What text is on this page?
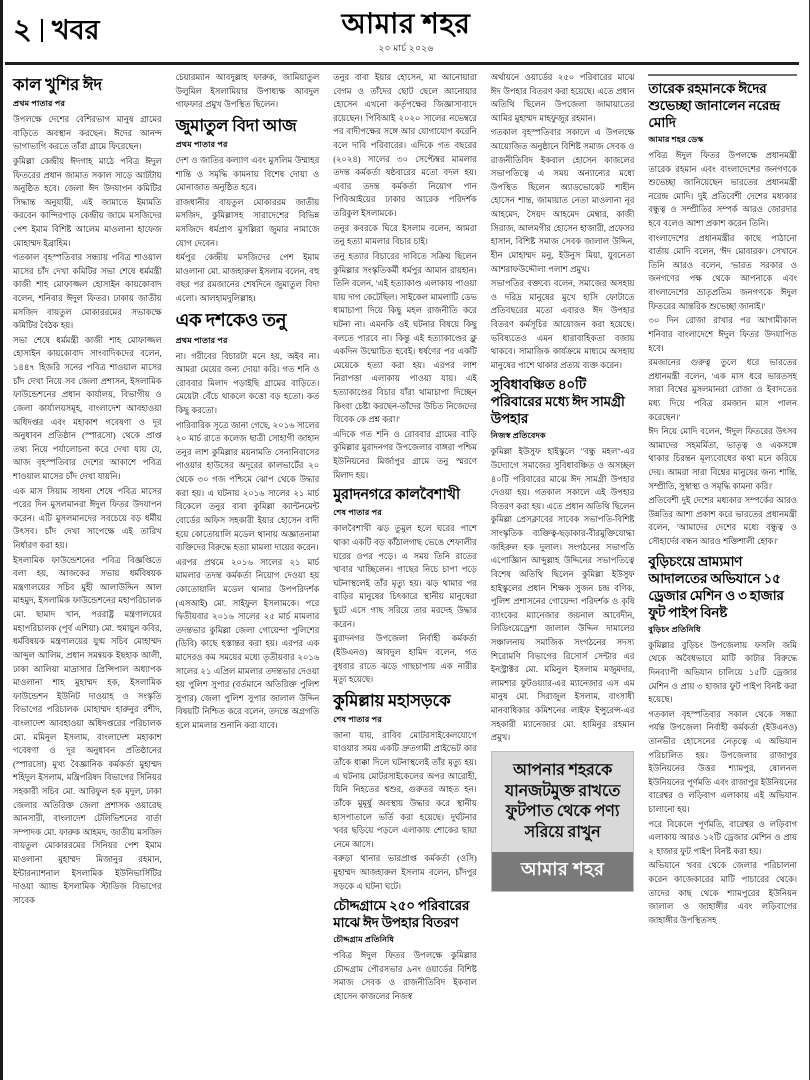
২ খবর	আমার শহর
২০ মার্চ ২০২৬
কাল খুশির ঈদ
প্রথম পাতার পর

উপলক্ষে দেশের বেশিরভাগ মানুষ গ্রামের বাড়িতে অবস্থান করছেন। ঈদের আনন্দ ভাগাভাগি করতে তাঁরা গ্রামে ফিরেছেন।

কুমিল্লা কেন্দ্রীয় ঈদগাহ মাঠে পবিত্র ঈদুল ফিতরের প্রধান জামাত সকাল সাড়ে আটটায় অনুষ্ঠিত হবে। জেলা ঈদ উদযাপন কমিটির সিদ্ধান্ত অনুযায়ী, এই জামাতে ইমামতি করবেন কান্দিরপাড় কেন্দ্রীয় জামে মসজিদের পেশ ইমাম বিশিষ্ট আলেম মাওলানা হাফেজ মোহাম্মদ ইব্রাহিম।

গতকাল বৃহস্পতিবার সন্ধ্যায় পবিত্র শাওয়াল মাসের চাঁদ দেখা কমিটির সভা শেষে ধর্মমন্ত্রী কাজী শাহ মোফাজ্জল হোসাইন কায়কোবাদ বলেন, শনিবার ঈদুল ফিতর। ঢাকায় জাতীয় মসজিদ বায়তুল মোকাররমের সভাকক্ষে কমিটির বৈঠক হয়।

সভা শেষে ধর্মমন্ত্রী কাজী শাহ মোফাজ্জল হোসাইন কায়কোবাদ সাংবাদিকদের বলেন, ১৪৪৭ হিজরি সনের পবিত্র শাওয়াল মাসের চাঁদ দেখা নিয়ে সব জেলা প্রশাসন, ইসলামিক ফাউন্ডেশনের প্রধান কার্যালয়, বিভাগীয় ও জেলা কার্যালয়সমূহ, বাংলাদেশ আবহাওয়া অধিদপ্তর এবং মহাকাশ গবেষণা ও দূর অনুধাবন প্রতিষ্ঠান (স্পারসো) থেকে প্রাপ্ত তথ্য নিয়ে পর্যালোচনা করে দেখা যায় যে, আজ বৃহস্পতিবার দেশের আকাশে পবিত্র শাওয়াল মাসের চাঁদ দেখা যায়নি।

এক মাস সিয়াম সাধনা শেষে পবিত্র মাসের পরের দিন মুসলমানরা ঈদুল ফিতর উদযাপন করেন। এটি মুসলমানদের সবচেয়ে বড় ধর্মীয় উৎসব। চাঁদ দেখা সাপেক্ষে এই তারিখ নির্ধারণ করা হয়।

ইসলামিক ফাউন্ডেশনের পবিত্র বিজ্ঞপ্তিতে বলা হয়, আজকের সভায় ধর্মবিষয়ক মন্ত্রণালয়ের সচিব মুহী আলাউদ্দিন আল মাহমুদ, ইসলামিক ফাউন্ডেশনের মহাপরিচালক মো. ছামাদ খান, পররাষ্ট্র মন্ত্রণালয়ের মহাপরিচালক (পূর্ব এশিয়া) মো. হুমায়ুন কবির, ধর্মবিষয়ক মন্ত্রণালয়ের যুগ্ম সচিব মোহাম্মদ আব্দুল আলিম, প্রধান সমন্বয়ক ইছহাক আলী, ঢাকা আলিয়া মাদ্রাসার প্রিন্সিপাল অধ্যাপক মাওলানা শাহ মুহাম্মদ হক, ইসলামিক ফাউন্ডেশন ইউনিট দাওয়াহ ও সংস্কৃতি বিভাগের পরিচালক মোহাম্মদ হারুনুর রশীদ, বাংলাদেশ আবহাওয়া অধিদপ্তরের পরিচালক মো. মমিনুল ইসলাম, বাংলাদেশ মহাকাশ গবেষণা ও দূর অনুধাবন প্রতিষ্ঠানের (স্পারসো) মুখ্য বৈজ্ঞানিক কর্মকর্তা মুহাম্মদ শহিদুল ইসলাম, মন্ত্রিপরিষদ বিভাগের সিনিয়র সহকারী সচিব মো. আরিফুল হক মৃদুল, ঢাকা জেলার অতিরিক্ত জেলা প্রশাসক ওয়ারেছ আনসারী, বাংলাদেশ টেলিভিশনের বার্তা সম্পাদক মো. ফারুক আহমদ, জাতীয় মসজিদ বায়তুল মোকাররমের সিনিয়র পেশ ইমাম মাওলানা মুহাম্মদ মিজানুর রহমান, ইন্টারন্যাশনাল ইসলামিক ইউনিভার্সিটির দাওয়া অ্যান্ড ইসলামিক স্টাডিজ বিভাগের সাবেক

চেয়ারম্যান আবদুল্লাহ ফারুক, জামিয়াতুল উলুমিল ইসলামিয়ার উপাধ্যক্ষ আবদুল গাফফার প্রমুখ উপস্থিত ছিলেন।

জুমাতুল বিদা আজ
প্রথম পাতার পর

দেশ ও জাতির কল্যাণ এবং মুসলিম উম্মাহর শান্তি ও সমৃদ্ধি কামনায় বিশেষ দোয়া ও মোনাজাত অনুষ্ঠিত হবে।

রাজধানীর বায়তুল মোকাররম জাতীয় মসজিদ, কুমিল্লাসহ সারাদেশের বিভিন্ন মসজিদে ধর্মপ্রাণ মুসল্লিরা জুমার নামাজে যোগ দেবেন।

ধর্মপুর কেন্দ্রীয় মসজিদের পেশ ইমাম মাওলানা মো. মাজহারুল ইসলাম বলেন, বহু বছর পর রমজানের শেষদিনে জুমাতুল বিদা এলো। আলহামদুলিল্লাহ।

এক দশকেও তনু
প্রথম পাতার পর

না। গরীবের বিচারটা মনে হয়, অইব না। আমরা মেয়ের জন্য দোয়া করি। গত শনি ও রোববার মিলাদ পড়াইছি গ্রামের বাড়িতে। মেয়েটা বেঁচে থাকলে কত্তো বড় হতো। কত কিছু করতো।

পারিবারিক সূত্রে জানা গেছে, ২০১৬ সালের ২০ মার্চ রাতে কলেজ ছাত্রী সোহাগী জাহান তনুর লাশ কুমিল্লার ময়নামতি সেনানিবাসের পাওয়ার হাউসের অদূরের কালভার্টের ২০ থেকে ৩০ গজ পশ্চিমে ঝোপ থেকে উদ্ধার করা হয়। এ ঘটনায় ২০১৬ সালের ২১ মার্চ বিকেলে তনুর বাবা কুমিল্লা ক্যান্টনমেন্ট বোর্ডের অফিস সহকারী ইয়ার হোসেন বাদী হয়ে কোতোয়ালি মডেল থানায় অজ্ঞাতনামা ব্যক্তিদের বিরুদ্ধে হত্যা মামলা দায়ের করেন।

এরপর প্রথমে ২০১৬ সালের ২১ মার্চ মামলার তদন্ত কর্মকর্তা নিয়োগ দেওয়া হয় কোতোয়ালি মডেল থানার উপপরিদর্শক (এসআই) মো. সাইফুল ইসলামকে। পরে দ্বিতীয়বার ২০১৬ সালের ২৫ মার্চ মামলার তদন্তভার কুমিল্লা জেলা গোয়েন্দা পুলিশের (ডিবি) কাছে হস্তান্তর করা হয়। এরপর এক মাসেরও কম সময়ের মধ্যে তৃতীয়বার ২০১৬ সালের ২১ এপ্রিল মামলার তদন্তভার দেওয়া হয় পুলিশ সুপার (বর্তমানে অতিরিক্ত পুলিশ সুপার) জেলা পুলিশ সুপার জালাল উদ্দিন বিষয়টি নিশ্চিত করে বলেন, তদন্তে অগ্রগতি হলে মামলার শুনানি করা যাবে।

তনুর বাবা ইয়ার হোসেন, মা আনোয়ারা বেগম ও তাঁদের ছোট ছেলে আনোয়ার হোসেন এখনো কর্তৃপক্ষের জিজ্ঞাসাবাদে রয়েছেন। পিবিআই ২০২০ সালের নভেম্বরে পর বাদীপক্ষের সঙ্গে আর যোগাযোগ করেনি বলে দাবি পরিবারের। এদিকে গত বছরের (২০২৪) সালের ৩০ সেপ্টেম্বর মামলার তদন্ত কর্মকর্তা ষষ্ঠবারের মতো বদল হয়। এবার তদন্ত কর্মকর্তা নিয়োগ পান পিবিআইয়ের ঢাকার আরেক পরিদর্শক তরিকুল ইসলামকে।

তনুর কবরকে ঘিরে ইসলাম বলেন, আমরা তনু হত্যা মামলার বিচার চাই।

তনু হত্যার বিচারের দাবিতে সক্রিয় ছিলেন কুমিল্লার সংস্কৃতিকর্মী ধর্মপুর আমান রায়হান। তিনি বলেন, 'এই হত্যাকাণ্ড এলাকায় পাওয়া যায় দাগ কেটেছিল। সাইকেল মামলাটি ডেভ ধামাচাপা দিয়ে কিছু মহল রাজনীতি করে ঘটনা না। এমনকি ওই ঘটনার বিষয়ে কিছু বলতে পারবে না। কিন্তু এই হত্যাকাণ্ডের ক্লু একদিন উন্মোচিত হবেই। ধর্ষণের পর একটি মেয়েকে হত্যা করা হয়। এরপর লাশ নিরাপত্তা এলাকায় পাওয়া যায়। এই হত্যাকাণ্ডের বিচার যাঁরা থামাচাপা দিচ্ছেন কিংবা চেষ্টা করছেন-তাঁদের উচিত নিজেদের বিবেক কে প্রশ্ন করা।'

এদিকে গত শনি ও রোববার গ্রামের বাড়ি কুমিল্লার মুরাদনগর উপজেলার বাঙ্গরা পশ্চিম ইউনিয়নের মির্জাপুর গ্রামে তনু স্মরণে মিলাদ হয়।

মুরাদনগরে কালবৈশাখী
শেষ পাতার পর

কালবৈশাখী ঝড় তুমুল হলে ঘরের পাশে থাকা একটি বড় কাঁঠালগাছ ভেঙে শেফালীর ঘরের ওপর পড়ে। এ সময় তিনি রাতের খাবার খাচ্ছিলেন। গাছের নিচে চাপা পড়ে ঘটনাস্থলেই তাঁর মৃত্যু হয়। ঝড় থামার পর বাড়ির মানুষের চিৎকারে স্থানীয় মানুষেরা ছুটে এসে গাছ সরিয়ে তার মরদেহ উদ্ধার করেন।

মুরাদনগর উপজেলা নির্বাহী কর্মকর্তা (ইউএনও) আবদুল হামিদ বলেন, গত বুধবার রাতে ঝড়ে গাছচাপায় এক নারীর মৃত্যু হয়েছে।

কুমিল্লায় মহাসড়কে
শেষ পাতার পর

জানা যায়, রাবিব মোটরসাইকেলযোগে যাওয়ার সময় একটি দ্রুতগামী প্রাইভেট কার তাঁকে ধাক্কা দিলে ঘটনাস্থলেই তাঁর মৃত্যু হয়। এ ঘটনায় মোটরসাইকেলের অপর আরোহী, যিনি নিহতের শ্বশুর, গুরুতর আহত হন। তাঁকে মুমূর্ষু অবস্থায় উদ্ধার করে স্থানীয় হাসপাতালে ভর্তি করা হয়েছে। দুর্ঘটনার খবর ছড়িয়ে পড়লে এলাকায় শোকের ছায়া নেমে আসে।

বরুড়া থানার ভারপ্রাপ্ত কর্মকর্তা (ওসি) মুহাম্মদ আজহারুল ইসলাম বলেন, চাঁদপুর সড়কে এ ঘটনা ঘটে।

চৌদ্দগ্রামে ২৫০ পরিবারের মাঝে ঈদ উপহার বিতরণ
চৌদ্দগ্রাম প্রতিনিধি

পবিত্র ঈদুল ফিতর উপলক্ষে কুমিল্লার চৌদ্দগ্রাম পৌরসভার ৯নং ওয়ার্ডের বিশিষ্ট সমাজ সেবক ও রাজনীতিবিদ ইকবাল হোসেন কাজলের নিজস্ব

অর্থায়নে ওয়ার্ডের ২৫০ পরিবারের মাঝে ঈদ উপহার বিতরণ করা হয়েছে। এতে প্রধান অতিথি ছিলেন উপজেলা জামায়াতের আমির মুহাম্মদ মাহফুজুর রহমান।

গতকাল বৃহস্পতিবার সকালে এ উপলক্ষে আয়োজিত অনুষ্ঠানে বিশিষ্ট সমাজ সেবক ও রাজনীতিবিদ ইকবাল হোসেন কাজলের সভাপতিত্বে এ সময় অন্যান্যের মধ্যে উপস্থিত ছিলেন অ্যাডভোকেট শাহীন হোসেন শান্ত, জামায়াত নেতা মাওলানা নূর আহমেদ, সৈয়দ আহমেদ মেম্বার, কাজী সিরাজ, আলমগীর হোসেন হাজারী, প্রফেসর হাসান, বিশিষ্ট সমাজ সেবক জালাল উদ্দিন, হীন মোহাম্মদ মনু, ইউনুস মিয়া, যুবনেতা আশরাফউদ্দৌলা পলাশ প্রমুখ।

সভাপতির বক্তব্যে বলেন, সমাজের অসহায় ও দরিদ্র মানুষের মুখে হাসি ফোটাতে প্রতিবছরের মতো এবারও ঈদ উপহার বিতরণ কর্মসূচির আয়োজন করা হয়েছে। ভবিষ্যতেও এমন ধারাবাহিকতা বজায় থাকবে। সামাজিক কার্যক্রমে মাধ্যমে অসহায় মানুষের পাশে থাকার প্রত্যয় ব্যক্ত করেন।

সুবিধাবঞ্চিত ৪০টি পরিবারের মধ্যে ঈদ সামগ্রী উপহার
নিজস্ব প্রতিবেদক

কুমিল্লা ইউসুফ হাইস্কুলে "বন্ধু মহল"-এর উদ্যোগে সমাজের সুবিধাবঞ্চিত ও অসচ্ছল ৪০টি পরিবারের মাঝে ঈদ সামগ্রী উপহার দেওয়া হয়। গতকাল সকালে এই উপহার বিতরণ করা হয়। এতে প্রধান অতিথি ছিলেন কুমিল্লা প্রেসক্লাবের সাবেক সভাপতি-বিশিষ্ট সাংস্কৃতিক ব্যক্তিত্ব-ছড়াকার-বীরমুক্তিযোদ্ধা জহিরুল হক দুলাল। সংগঠনের সভাপতি এপোজ্ঞিান আব্দুল্লাহ উদ্দিনের সভাপতিত্বে বিশেষ অতিথি ছিলেন কুমিল্লা ইউসুফ হাইস্কুলের প্রধান শিক্ষক সুজন চন্দ্র বণিক, পুলিশ প্রশাসনের গোয়েন্দা পরিদর্শক ও কৃষি ব্যাংকের ম্যানেজার জয়নাল আবেদীন, লিডিংয়েড্রেশা জালাল উদ্দিন দামালের সঞ্চালনায় সমাজিক সংগঠনের সদস্য শিরোমণি বিভাগের রিসোর্স সেন্টার এর ইনস্ট্রাক্টর মো. মমিনুল ইসলাম মজুমদার, লামশার ফুটওয়্যার-এর ম্যানেজার এস এম মানুষ মো. সিরাজুল ইসলাম, বাংসাধী মানবাধিকার কমিশনের লাইফ ইন্সুরেন্স-এর সহকারী ম্যানেজার মো. হামিনুর রহমান প্রমুখ।

আপনার শহরকে
যানজটমুক্ত রাখতে
ফুটপাত থেকে পণ্য
সরিয়ে রাখুন
আমার শহর
তারেক রহমানকে ঈদের শুভেচ্ছা জানালেন নরেন্দ্র মোদি
আমার শহর ডেস্ক

পবিত্র ঈদুল ফিতর উপলক্ষে প্রধানমন্ত্রী তারেক রহমান এবং বাংলাদেশের জনগণকে শুভেচ্ছা জানিয়েছেন ভারতের প্রধানমন্ত্রী নরেন্দ্র মোদি। দুই প্রতিবেশী দেশের মধ্যকার বন্ধুত্ব ও সম্প্রীতির সম্পর্ক আরও জোরদার হবে বলেও আশা প্রকাশ করেন তিনি।

বাংলাদেশের প্রধানমন্ত্রীর কাছে পাঠানো বার্তায় মোদি বলেন, 'ঈদ মোবারক'। সেখানে তিনি আরও বলেন, 'ভারত সরকার ও জনগণের পক্ষ থেকে আপনাকে এবং বাংলাদেশের ভ্রাতৃপ্রতিম জনগণকে ঈদুল ফিতরের আন্তরিক শুভেচ্ছা জানাই।'

৩০ দিন রোজা রাখার পর আগামীকাল শনিবার বাংলাদেশে ঈদুল ফিতর উদযাপিত হবে।

রমজানের গুরুত্ব তুলে ধরে ভারতের প্রধানমন্ত্রী বলেন, 'এক মাস ধরে ভারতসহ সারা বিশ্বের মুসলমানরা রোজা ও ইবাদতের মধ্য দিয়ে পবিত্র রমজান মাস পালন করেছেন।'

ঈদ নিয়ে মোদি বলেন, 'ঈদুল ফিতরের উৎসব আমাদের সহমর্মিতা, ভাতৃত্ব ও একসঙ্গে থাকার চিরন্তন মূল্যবোধের কথা মনে করিয়ে দেয়। আমরা সারা বিশ্বের মানুষের জন্য শান্তি, সম্প্রীতি, সুস্বাস্থ্য ও সমৃদ্ধি কামনা করি।'

প্রতিবেশী দুই দেশের মধ্যকার সম্পর্কের আরও উন্নতির আশা প্রকাশ করে ভারতের প্রধানমন্ত্রী বলেন, 'আমাদের দেশের মধ্যে বন্ধুত্ব ও সৌহার্দের বন্ধন আরও শক্তিশালী হোক।'

বুড়িচংয়ে ভ্রাম্যমাণ আদালতের অভিযানে ১৫ ড্রেজার মেশিন ও ৩ হাজার ফুট পাইপ বিনষ্ট
বুড়িচং প্রতিনিধি

কুমিল্লার বুড়িচং উপজেলায় ফসলি জমি থেকে অবৈধভাবে মাটি কাটার বিরুদ্ধে দিনব্যাপী অভিযান চালিয়ে ১৫টি ড্রেজার মেশিন ও প্রায় ৩ হাজার ফুট পাইপ বিনষ্ট করা হয়েছে।

গতকাল বৃহস্পতিবার সকাল থেকে সন্ধ্যা পর্যন্ত উপজেলা নির্বাহী কর্মকর্তা (ইউএনও) তানভীর হোসেনের নেতৃত্বে এ অভিযান পরিচালিত হয়। উপজেলার রাজাপুর ইউনিয়নের উত্তর শ্যামপুর, ষোলনল ইউনিয়নের পূর্ণমতি এবং রাজাপুর ইউনিয়নের বারেশ্বর ও লড়িবাগ এলাকায় এই অভিযান চালানো হয়।

পরে বিকেলে পূর্ণমতি, বারেশ্বর ও লড়িবাগ এলাকায় আরও ১২টি ড্রেজার মেশিন ও প্রায় ২ হাজার ফুট পাইপ বিনষ্ট করা হয়।

অভিযানে খবর থেকে জেলার পরিচালনা করেন কাজেকারের মাটি পাচারের থেকে। তাদের কাছ থেকে শ্যামপুরের ইউনিয়ন জালাল ও জাহাঙ্গীর এবং লড়িবাগের জাহাঙ্গীর উপস্থিতসহ
